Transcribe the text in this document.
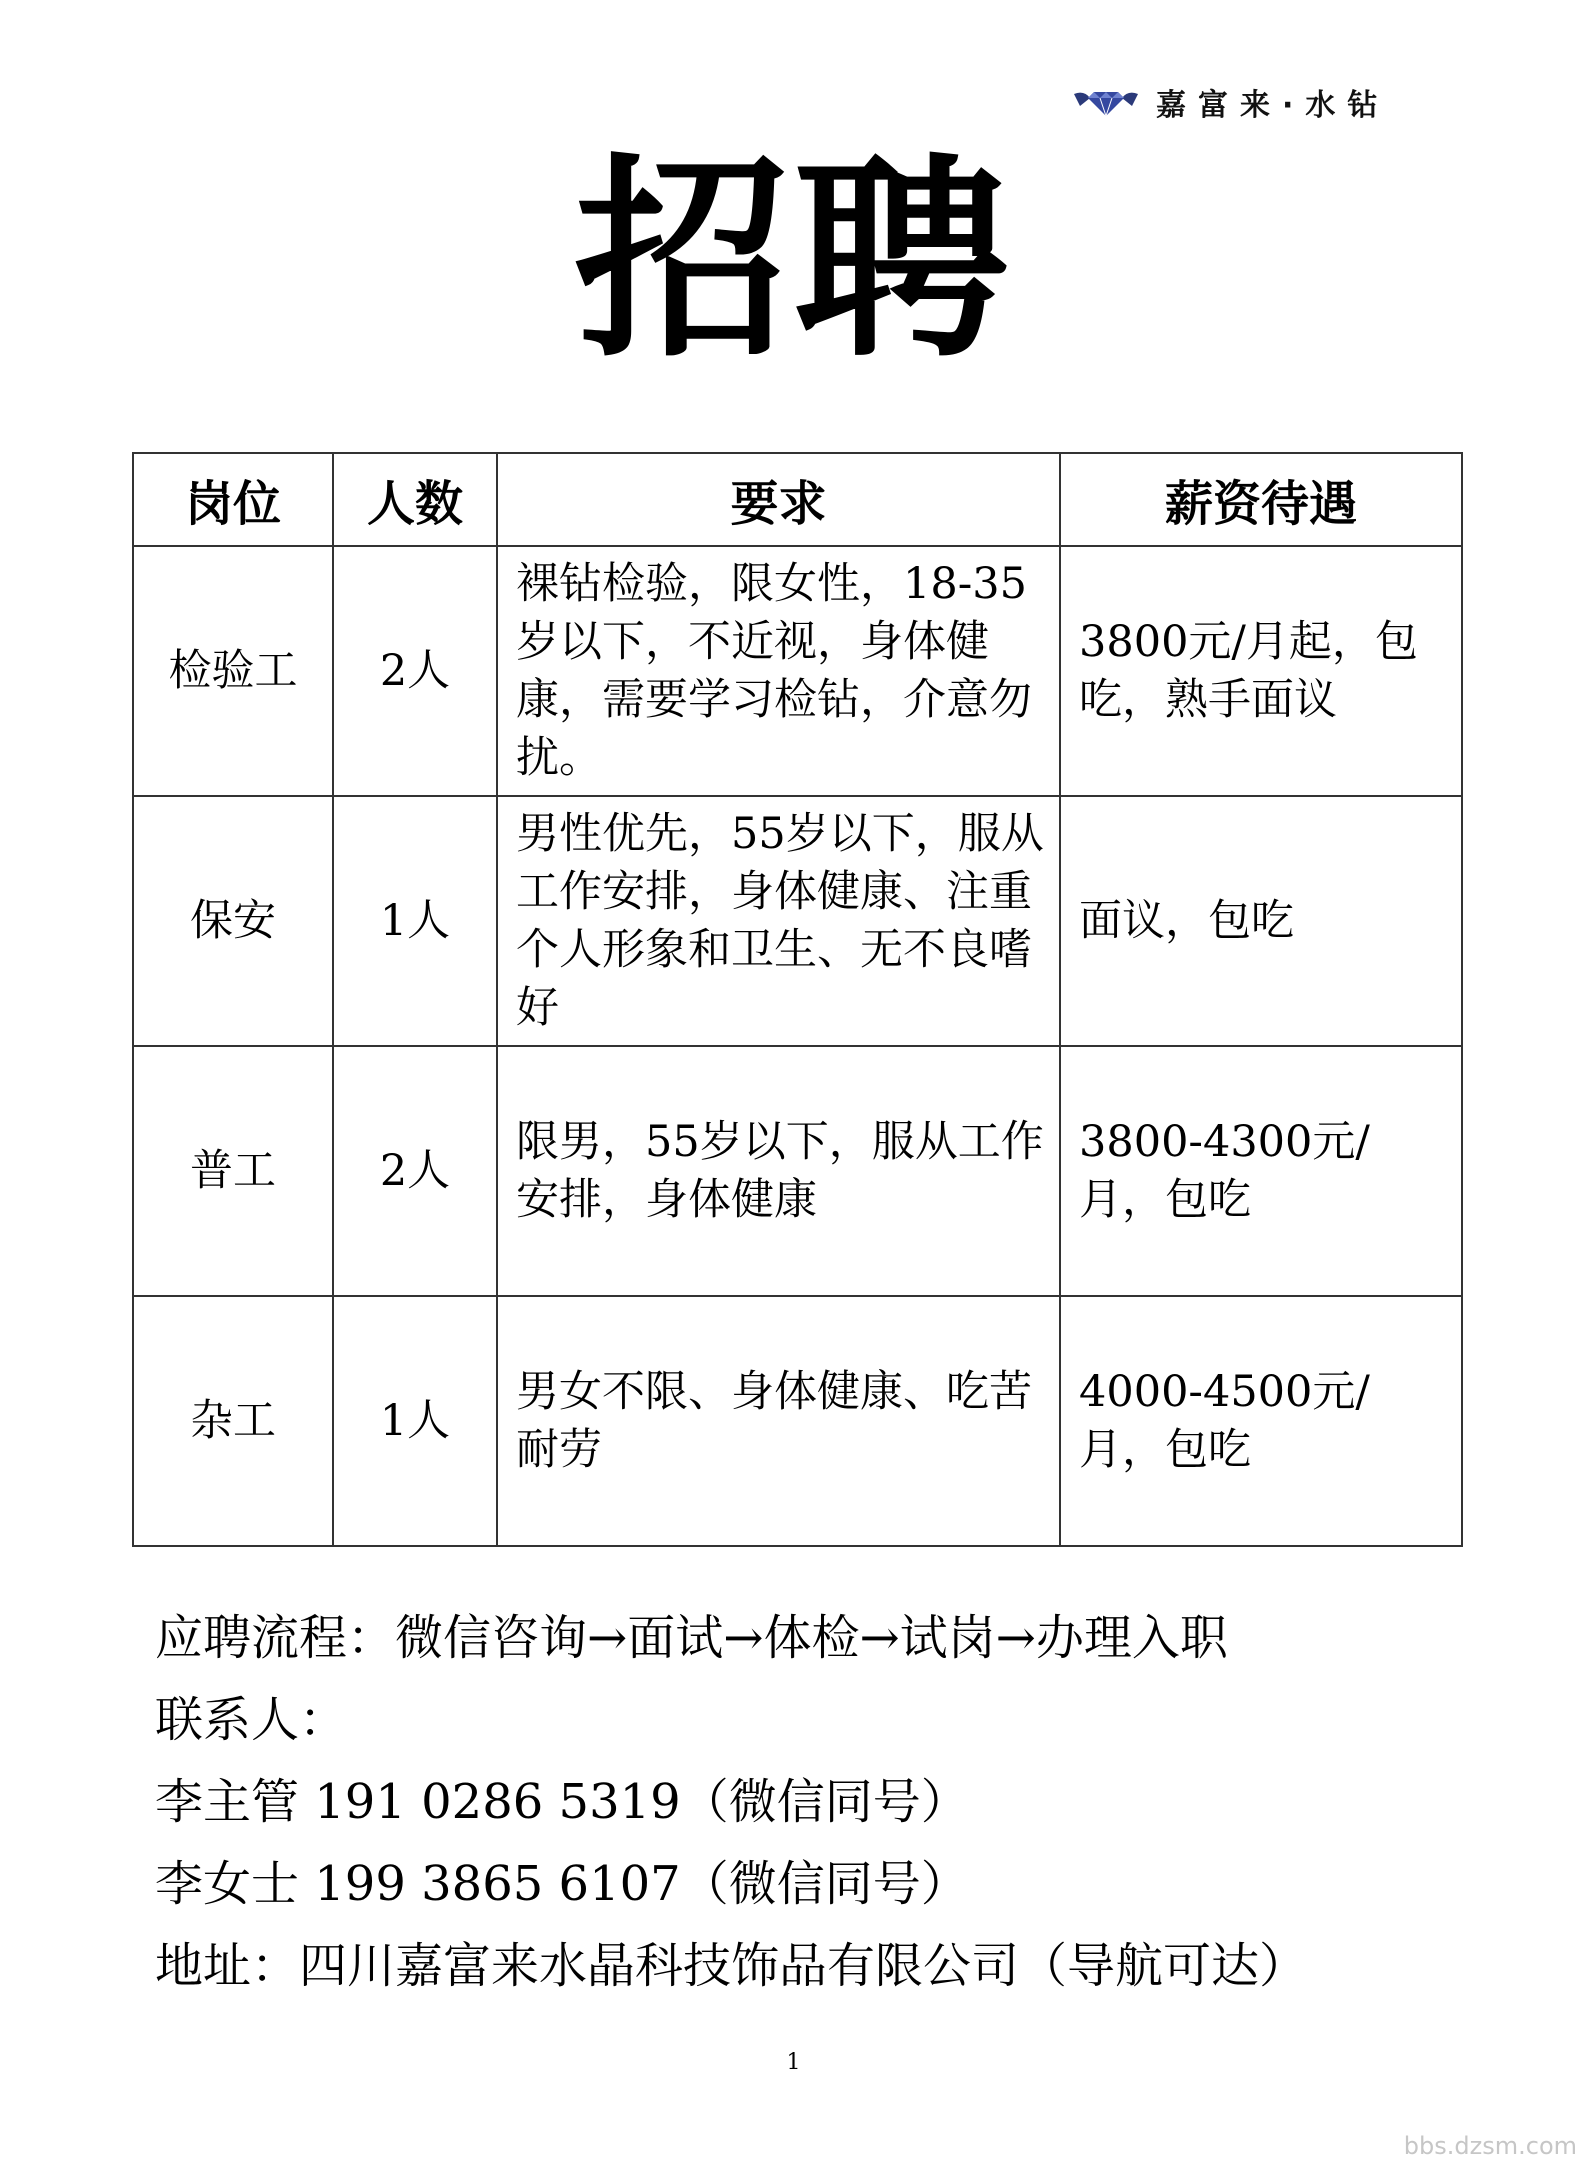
嘉富来·水钻
招聘
岗位	人数	要求	薪资待遇
检验工	2人	裸钻检验，限女性，18-35岁以下，不近视，身体健康，需要学习检钻，介意勿扰。	3800元/月起，包吃，熟手面议
保安	1人	男性优先，55岁以下，服从工作安排，身体健康、注重个人形象和卫生、无不良嗜好	面议，包吃
普工	2人	限男，55岁以下，服从工作安排，身体健康	3800-4300元/月，包吃
杂工	1人	男女不限、身体健康、吃苦耐劳	4000-4500元/月，包吃
应聘流程：微信咨询→面试→体检→试岗→办理入职
联系人：
李主管 191 0286 5319（微信同号）
李女士 199 3865 6107（微信同号）
地址：四川嘉富来水晶科技饰品有限公司（导航可达）
1
bbs.dzsm.com
